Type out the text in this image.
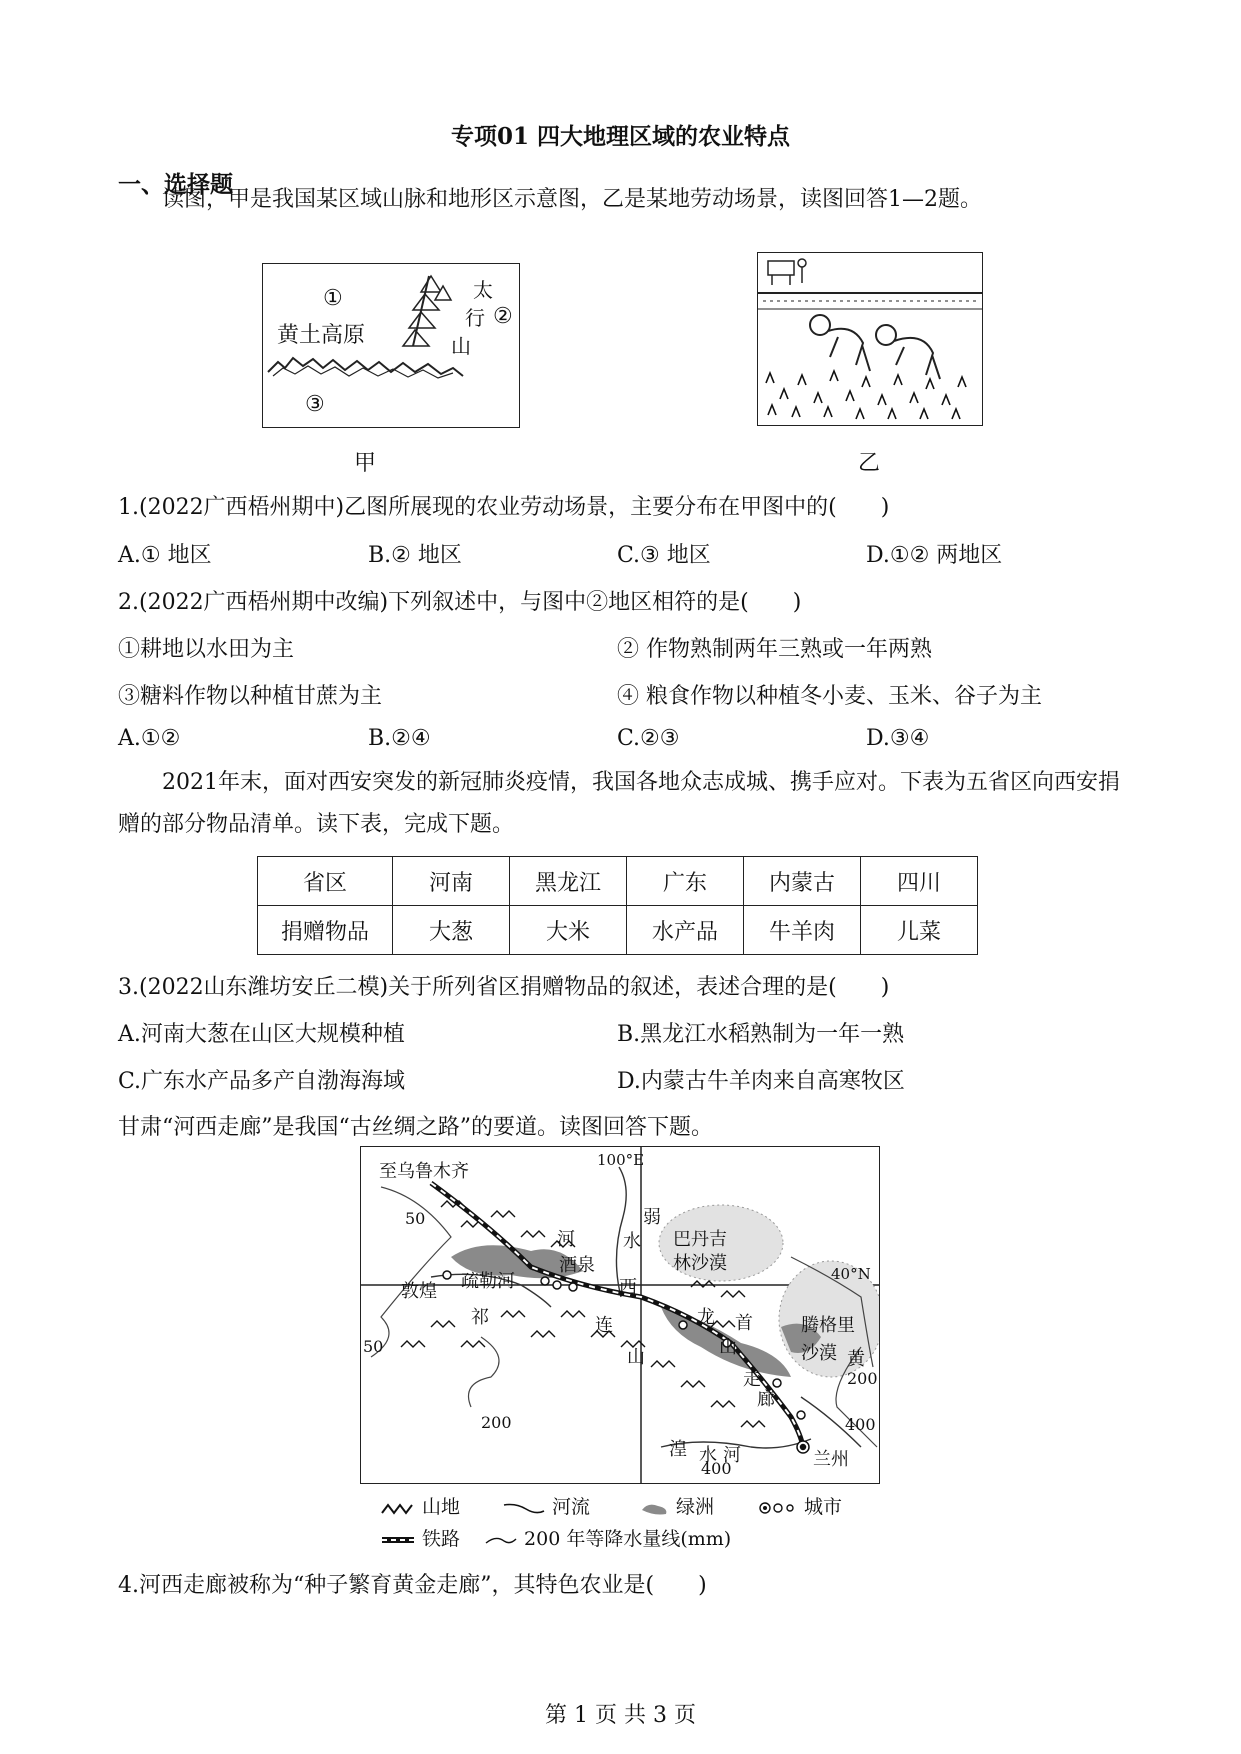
专项01 四大地理区域的农业特点
一、选择题
读图，甲是我国某区域山脉和地形区示意图，乙是某地劳动场景，读图回答1—2题。
①
黄土高原
太
行
山
②
③
甲	乙
1.(2022广西梧州期中)乙图所展现的农业劳动场景，主要分布在甲图中的(　　)
A.① 地区	B.② 地区	C.③ 地区	D.①② 两地区
2.(2022广西梧州期中改编)下列叙述中，与图中②地区相符的是(　　)
①耕地以水田为主	② 作物熟制两年三熟或一年两熟
③糖料作物以种植甘蔗为主	④ 粮食作物以种植冬小麦、玉米、谷子为主
A.①②	B.②④	C.②③	D.③④
2021年末，面对西安突发的新冠肺炎疫情，我国各地众志成城、携手应对。下表为五省区向西安捐赠的部分物品清单。读下表，完成下题。
省区	河南	黑龙江	广东	内蒙古	四川
捐赠物品	大葱	大米	水产品	牛羊肉	儿菜
3.(2022山东潍坊安丘二模)关于所列省区捐赠物品的叙述，表述合理的是(　　)
A.河南大葱在山区大规模种植	B.黑龙江水稻熟制为一年一熟
C.广东水产品多产自渤海海域	D.内蒙古牛羊肉来自高寒牧区
甘肃“河西走廊”是我国“古丝绸之路”的要道。读图回答下题。
至乌鲁木齐
100°E
40°N
50
50
200
200
400
400
巴丹吉
林沙漠
腾格里
沙漠
敦煌 疏勒河
酒泉
河
弱
水
西
连
山
祁
走
廊
龙 首
山
黄
湟 水 河	兰州
山地	河流	绿洲	城市
铁路	200 年等降水量线(mm)
4.河西走廊被称为“种子繁育黄金走廊”，其特色农业是(　　)
第 1 页 共 3 页
